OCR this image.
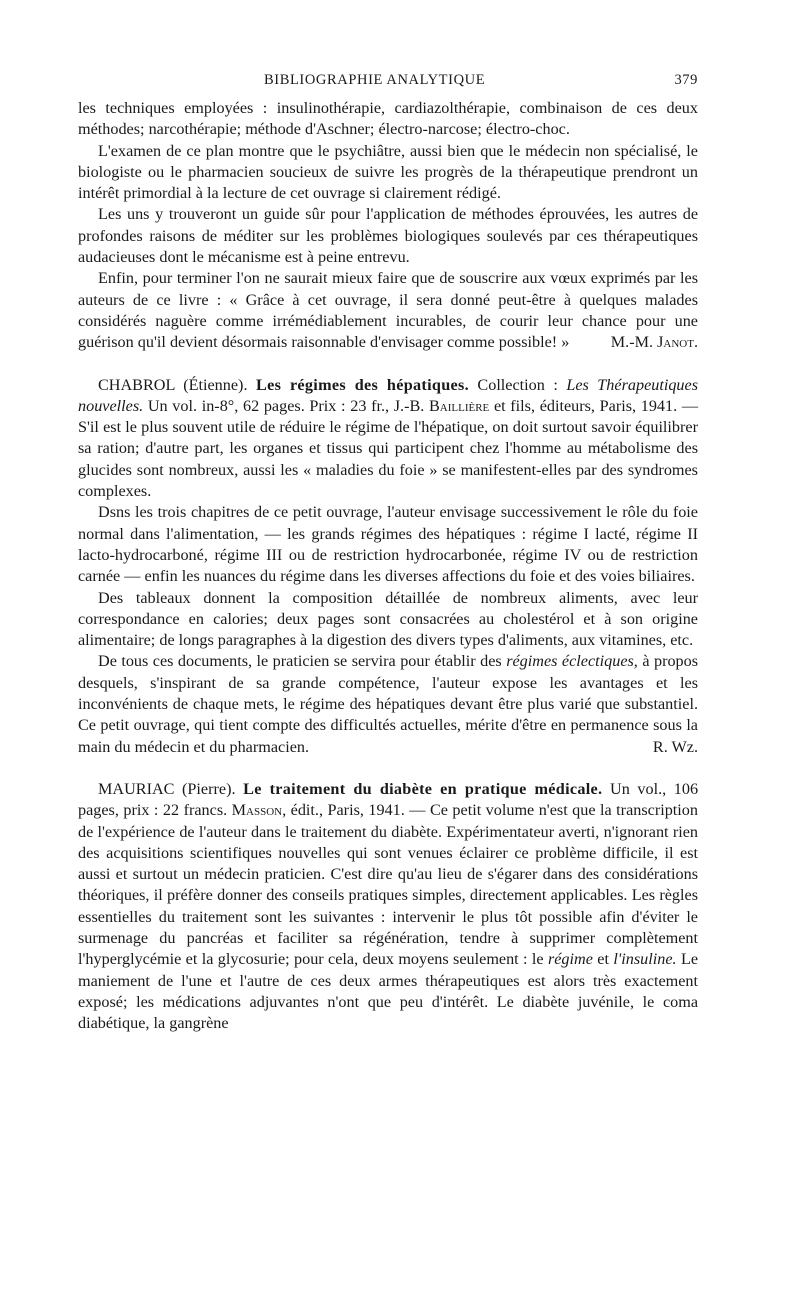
BIBLIOGRAPHIE ANALYTIQUE	379

les techniques employées : insulinothérapie, cardiazolthérapie, combinaison de ces deux méthodes; narcothérapie; méthode d'Aschner; électro-narcose; électro-choc.

L'examen de ce plan montre que le psychiâtre, aussi bien que le médecin non spécialisé, le biologiste ou le pharmacien soucieux de suivre les progrès de la thérapeutique prendront un intérêt primordial à la lecture de cet ouvrage si clairement rédigé.

Les uns y trouveront un guide sûr pour l'application de méthodes éprouvées, les autres de profondes raisons de méditer sur les problèmes biologiques soulevés par ces thérapeutiques audacieuses dont le mécanisme est à peine entrevu.

Enfin, pour terminer l'on ne saurait mieux faire que de souscrire aux vœux exprimés par les auteurs de ce livre : « Grâce à cet ouvrage, il sera donné peut-être à quelques malades considérés naguère comme irrémédiablement incurables, de courir leur chance pour une guérison qu'il devient désormais raisonnable d'envisager comme possible! »	M.-M. Janot.

CHABROL (Étienne). Les régimes des hépatiques. Collection : Les Thérapeutiques nouvelles. Un vol. in-8°, 62 pages. Prix : 23 fr., J.-B. Baillière et fils, éditeurs, Paris, 1941. — S'il est le plus souvent utile de réduire le régime de l'hépatique, on doit surtout savoir équilibrer sa ration; d'autre part, les organes et tissus qui participent chez l'homme au métabolisme des glucides sont nombreux, aussi les « maladies du foie » se manifestent-elles par des syndromes complexes.

Dsns les trois chapitres de ce petit ouvrage, l'auteur envisage successivement le rôle du foie normal dans l'alimentation, — les grands régimes des hépatiques : régime I lacté, régime II lacto-hydrocarboné, régime III ou de restriction hydrocarbonée, régime IV ou de restriction carnée — enfin les nuances du régime dans les diverses affections du foie et des voies biliaires.

Des tableaux donnent la composition détaillée de nombreux aliments, avec leur correspondance en calories; deux pages sont consacrées au cholestérol et à son origine alimentaire; de longs paragraphes à la digestion des divers types d'aliments, aux vitamines, etc.

De tous ces documents, le praticien se servira pour établir des régimes éclectiques, à propos desquels, s'inspirant de sa grande compétence, l'auteur expose les avantages et les inconvénients de chaque mets, le régime des hépatiques devant être plus varié que substantiel. Ce petit ouvrage, qui tient compte des difficultés actuelles, mérite d'être en permanence sous la main du médecin et du pharmacien.	R. Wz.

MAURIAC (Pierre). Le traitement du diabète en pratique médicale. Un vol., 106 pages, prix : 22 francs. Masson, édit., Paris, 1941. — Ce petit volume n'est que la transcription de l'expérience de l'auteur dans le traitement du diabète. Expérimentateur averti, n'ignorant rien des acquisitions scientifiques nouvelles qui sont venues éclairer ce problème difficile, il est aussi et surtout un médecin praticien. C'est dire qu'au lieu de s'égarer dans des considérations théoriques, il préfère donner des conseils pratiques simples, directement applicables. Les règles essentielles du traitement sont les suivantes : intervenir le plus tôt possible afin d'éviter le surmenage du pancréas et faciliter sa régénération, tendre à supprimer complètement l'hyperglycémie et la glycosurie; pour cela, deux moyens seulement : le régime et l'insuline. Le maniement de l'une et l'autre de ces deux armes thérapeutiques est alors très exactement exposé; les médications adjuvantes n'ont que peu d'intérêt. Le diabète juvénile, le coma diabétique, la gangrène
